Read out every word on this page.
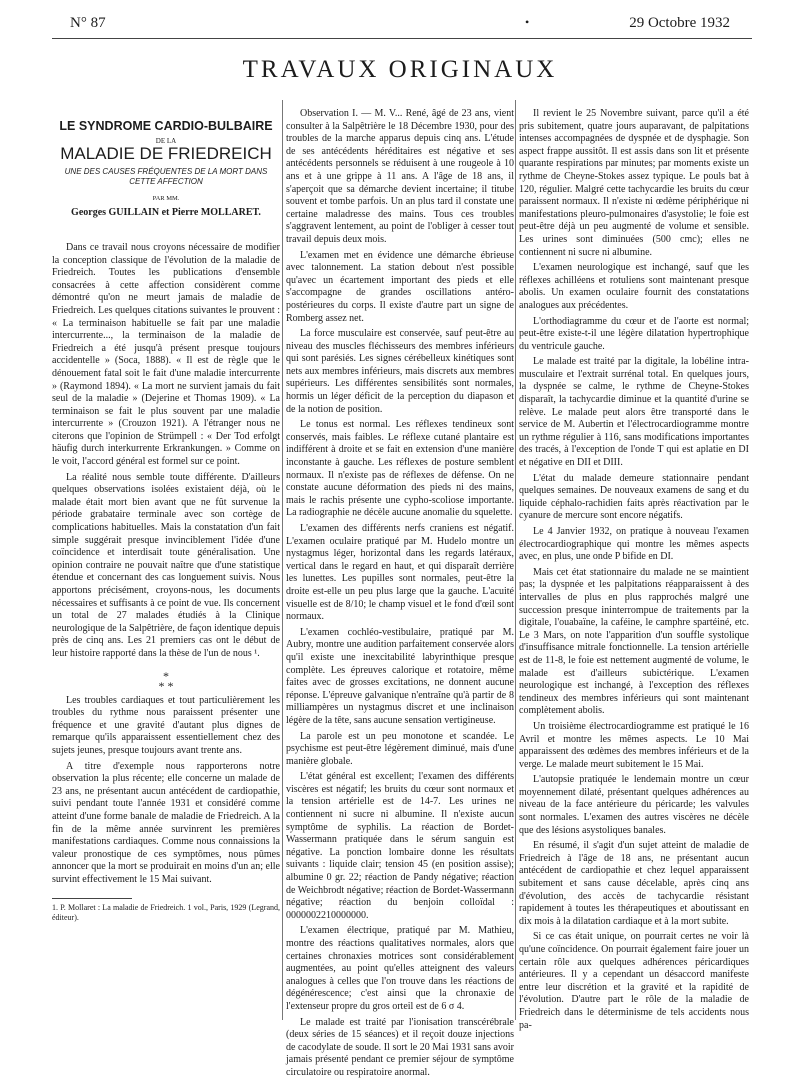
N° 87	•	29 Octobre 1932
TRAVAUX ORIGINAUX
LE SYNDROME CARDIO-BULBAIRE
DE LA
MALADIE DE FRIEDREICH
UNE DES CAUSES FRÉQUENTES DE LA MORT DANS CETTE AFFECTION
PAR MM.
Georges GUILLAIN et Pierre MOLLARET.

Dans ce travail nous croyons nécessaire de modifier la conception classique de l'évolution de la maladie de Friedreich. Toutes les publications d'ensemble consacrées à cette affection considèrent comme démontré qu'on ne meurt jamais de maladie de Friedreich. Les quelques citations suivantes le prouvent : « La terminaison habituelle se fait par une maladie intercurrente..., la terminaison de la maladie de Friedreich a été jusqu'à présent presque toujours accidentelle » (Soca, 1888). « Il est de règle que le dénouement fatal soit le fait d'une maladie intercurrente » (Raymond 1894). « La mort ne survient jamais du fait seul de la maladie » (Dejerine et Thomas 1909). « La terminaison se fait le plus souvent par une maladie intercurrente » (Crouzon 1921). A l'étranger nous ne citerons que l'opinion de Strümpell : « Der Tod erfolgt häufig durch interkurrente Erkrankungen. » Comme on le voit, l'accord général est formel sur ce point.

La réalité nous semble toute différente. D'ailleurs quelques observations isolées existaient déjà, où le malade était mort bien avant que ne fût survenue la période grabataire terminale avec son cortège de complications habituelles. Mais la constatation d'un fait simple suggérait presque invinciblement l'idée d'une coïncidence et interdisait toute généralisation. Une opinion contraire ne pouvait naître que d'une statistique étendue et concernant des cas longuement suivis. Nous apportons précisément, croyons-nous, les documents nécessaires et suffisants à ce point de vue. Ils concernent un total de 27 malades étudiés à la Clinique neurologique de la Salpêtrière, de façon identique depuis près de cinq ans. Les 21 premiers cas ont le début de leur histoire rapporté dans la thèse de l'un de nous ¹.

*
* *

Les troubles cardiaques et tout particulièrement les troubles du rythme nous paraissent présenter une fréquence et une gravité d'autant plus dignes de remarque qu'ils apparaissent essentiellement chez des sujets jeunes, presque toujours avant trente ans.

A titre d'exemple nous rapporterons notre observation la plus récente; elle concerne un malade de 23 ans, ne présentant aucun antécédent de cardiopathie, suivi pendant toute l'année 1931 et considéré comme atteint d'une forme banale de maladie de Friedreich. A la fin de la même année survinrent les premières manifestations cardiaques. Comme nous connaissions la valeur pronostique de ces symptômes, nous pûmes annoncer que la mort se produirait en moins d'un an; elle survint effectivement le 15 Mai suivant.

1. P. Mollaret : La maladie de Friedreich. 1 vol., Paris, 1929 (Legrand, éditeur).

Observation I. — M. V... René, âgé de 23 ans, vient consulter à la Salpêtrière le 18 Décembre 1930, pour des troubles de la marche apparus depuis cinq ans. L'étude de ses antécédents héréditaires est négative et ses antécédents personnels se réduisent à une rougeole à 10 ans et à une grippe à 11 ans. A l'âge de 18 ans, il s'aperçoit que sa démarche devient incertaine; il titube souvent et tombe parfois. Un an plus tard il constate une certaine maladresse des mains. Tous ces troubles s'aggravent lentement, au point de l'obliger à cesser tout travail depuis deux mois.

L'examen met en évidence une démarche ébrieuse avec talonnement. La station debout n'est possible qu'avec un écartement important des pieds et elle s'accompagne de grandes oscillations antéro-postérieures du corps. Il existe d'autre part un signe de Romberg assez net.

La force musculaire est conservée, sauf peut-être au niveau des muscles fléchisseurs des membres inférieurs qui sont parésiés. Les signes cérébelleux kinétiques sont nets aux membres inférieurs, mais discrets aux membres supérieurs. Les différentes sensibilités sont normales, hormis un léger déficit de la perception du diapason et de la notion de position.

Le tonus est normal. Les réflexes tendineux sont conservés, mais faibles. Le réflexe cutané plantaire est indifférent à droite et se fait en extension d'une manière inconstante à gauche. Les réflexes de posture semblent normaux. Il n'existe pas de réflexes de défense. On ne constate aucune déformation des pieds ni des mains, mais le rachis présente une cypho-scoliose importante. La radiographie ne décèle aucune anomalie du squelette.

L'examen des différents nerfs craniens est négatif. L'examen oculaire pratiqué par M. Hudelo montre un nystagmus léger, horizontal dans les regards latéraux, vertical dans le regard en haut, et qui disparaît derrière les lunettes. Les pupilles sont normales, peut-être la droite est-elle un peu plus large que la gauche. L'acuité visuelle est de 8/10; le champ visuel et le fond d'œil sont normaux.

L'examen cochléo-vestibulaire, pratiqué par M. Aubry, montre une audition parfaitement conservée alors qu'il existe une inexcitabilité labyrinthique presque complète. Les épreuves calorique et rotatoire, même faites avec de grosses excitations, ne donnent aucune réponse. L'épreuve galvanique n'entraîne qu'à partir de 8 milliampères un nystagmus discret et une inclinaison légère de la tête, sans aucune sensation vertigineuse.

La parole est un peu monotone et scandée. Le psychisme est peut-être légèrement diminué, mais d'une manière globale.

L'état général est excellent; l'examen des différents viscères est négatif; les bruits du cœur sont normaux et la tension artérielle est de 14-7. Les urines ne contiennent ni sucre ni albumine. Il n'existe aucun symptôme de syphilis. La réaction de Bordet-Wassermann pratiquée dans le sérum sanguin est négative. La ponction lombaire donne les résultats suivants : liquide clair; tension 45 (en position assise); albumine 0 gr. 22; réaction de Pandy négative; réaction de Weichbrodt négative; réaction de Bordet-Wassermann négative; réaction du benjoin colloïdal : 0000002210000000.

L'examen électrique, pratiqué par M. Mathieu, montre des réactions qualitatives normales, alors que certaines chronaxies motrices sont considérablement augmentées, au point qu'elles atteignent des valeurs analogues à celles que l'on trouve dans les réactions de dégénérescence; c'est ainsi que la chronaxie de l'extenseur propre du gros orteil est de 6 σ 4.

Le malade est traité par l'ionisation transcérébrale (deux séries de 15 séances) et il reçoit douze injections de cacodylate de soude. Il sort le 20 Mai 1931 sans avoir jamais présenté pendant ce premier séjour de symptôme circulatoire ou respiratoire anormal.

Il revient le 25 Novembre suivant, parce qu'il a été pris subitement, quatre jours auparavant, de palpitations intenses accompagnées de dyspnée et de dysphagie. Son aspect frappe aussitôt. Il est assis dans son lit et présente quarante respirations par minutes; par moments existe un rythme de Cheyne-Stokes assez typique. Le pouls bat à 120, régulier. Malgré cette tachycardie les bruits du cœur paraissent normaux. Il n'existe ni œdème périphérique ni manifestations pleuro-pulmonaires d'asystolie; le foie est peut-être déjà un peu augmenté de volume et sensible. Les urines sont diminuées (500 cmc); elles ne contiennent ni sucre ni albumine.

L'examen neurologique est inchangé, sauf que les réflexes achilléens et rotuliens sont maintenant presque abolis. Un examen oculaire fournit des constatations analogues aux précédentes.

L'orthodiagramme du cœur et de l'aorte est normal; peut-être existe-t-il une légère dilatation hypertrophique du ventricule gauche.

Le malade est traité par la digitale, la lobéline intra-musculaire et l'extrait surrénal total. En quelques jours, la dyspnée se calme, le rythme de Cheyne-Stokes disparaît, la tachycardie diminue et la quantité d'urine se relève. Le malade peut alors être transporté dans le service de M. Aubertin et l'électrocardiogramme montre un rythme régulier à 116, sans modifications importantes des tracés, à l'exception de l'onde T qui est aplatie en DI et négative en DII et DIII.

L'état du malade demeure stationnaire pendant quelques semaines. De nouveaux examens de sang et du liquide céphalo-rachidien faits après réactivation par le cyanure de mercure sont encore négatifs.

Le 4 Janvier 1932, on pratique à nouveau l'examen électrocardiographique qui montre les mêmes aspects avec, en plus, une onde P bifide en DI.

Mais cet état stationnaire du malade ne se maintient pas; la dyspnée et les palpitations réapparaissent à des intervalles de plus en plus rapprochés malgré une succession presque ininterrompue de traitements par la digitale, l'ouabaïne, la caféine, le camphre spartéiné, etc. Le 3 Mars, on note l'apparition d'un souffle systolique d'insuffisance mitrale fonctionnelle. La tension artérielle est de 11-8, le foie est nettement augmenté de volume, le malade est d'ailleurs subictérique. L'examen neurologique est inchangé, à l'exception des réflexes tendineux des membres inférieurs qui sont maintenant complètement abolis.

Un troisième électrocardiogramme est pratiqué le 16 Avril et montre les mêmes aspects. Le 10 Mai apparaissent des œdèmes des membres inférieurs et de la verge. Le malade meurt subitement le 15 Mai.

L'autopsie pratiquée le lendemain montre un cœur moyennement dilaté, présentant quelques adhérences au niveau de la face antérieure du péricarde; les valvules sont normales. L'examen des autres viscères ne décèle que des lésions asystoliques banales.

En résumé, il s'agit d'un sujet atteint de maladie de Friedreich à l'âge de 18 ans, ne présentant aucun antécédent de cardiopathie et chez lequel apparaissent subitement et sans cause décelable, après cinq ans d'évolution, des accès de tachycardie résistant rapidement à toutes les thérapeutiques et aboutissant en dix mois à la dilatation cardiaque et à la mort subite.

Si ce cas était unique, on pourrait certes ne voir là qu'une coïncidence. On pourrait également faire jouer un certain rôle aux quelques adhérences péricardiques antérieures. Il y a cependant un désaccord manifeste entre leur discrétion et la gravité et la rapidité de l'évolution. D'autre part le rôle de la maladie de Friedreich dans le déterminisme de tels accidents nous pa-
